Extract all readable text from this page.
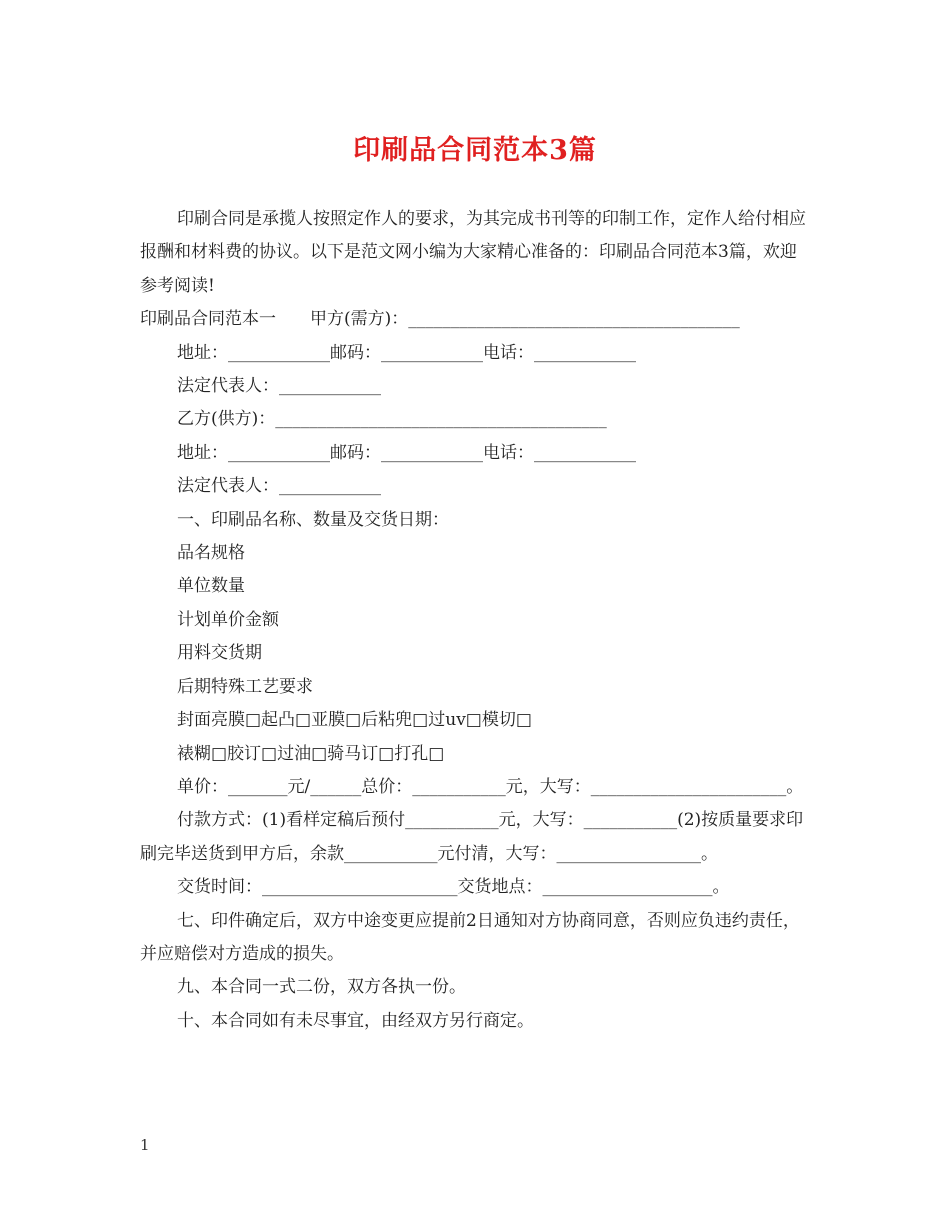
印刷品合同范本3篇

印刷合同是承揽人按照定作人的要求，为其完成书刊等的印制工作，定作人给付相应报酬和材料费的协议。以下是范文网小编为大家精心准备的：印刷品合同范本3篇，欢迎参考阅读!

印刷品合同范本一　　甲方(需方)：_______________________________________

地址：____________邮码：____________电话：____________

法定代表人：____________

乙方(供方)：_______________________________________

地址：____________邮码：____________电话：____________

法定代表人：____________

一、印刷品名称、数量及交货日期：

品名规格

单位数量

计划单价金额

用料交货期

后期特殊工艺要求

封面亮膜□起凸□亚膜□后粘兜□过uv□模切□

裱糊□胶订□过油□骑马订□打孔□

单价：_______元/______总价：___________元，大写：_______________________。

付款方式：(1)看样定稿后预付___________元，大写：___________(2)按质量要求印刷完毕送货到甲方后，余款___________元付清，大写：_________________。

交货时间：_______________________交货地点：____________________。

七、印件确定后，双方中途变更应提前2日通知对方协商同意，否则应负违约责任，并应赔偿对方造成的损失。

九、本合同一式二份，双方各执一份。

十、本合同如有未尽事宜，由经双方另行商定。

1
